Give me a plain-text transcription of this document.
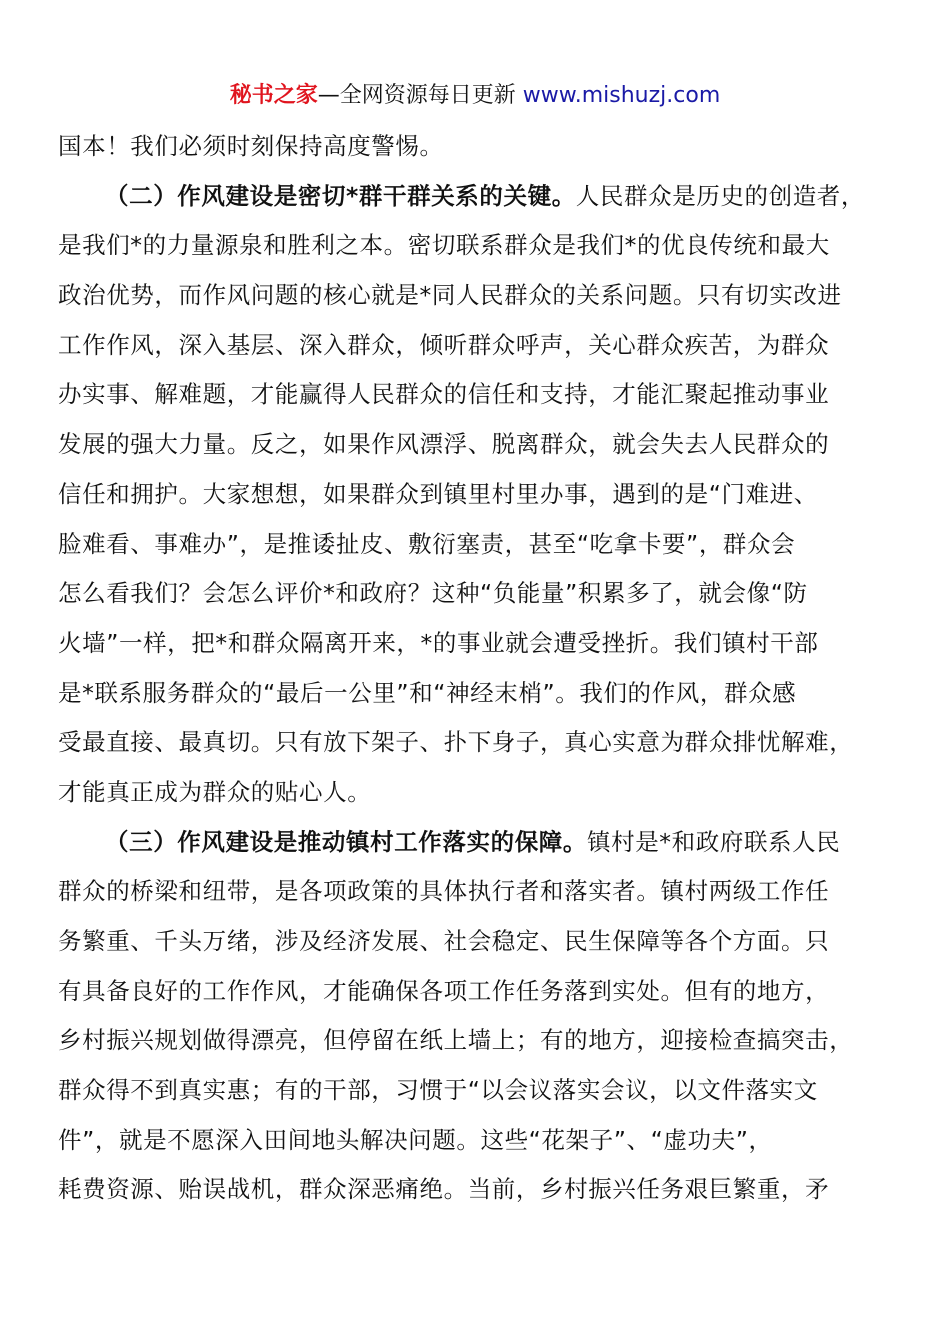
秘书之家—全网资源每日更新 www.mishuzj.com
国本！我们必须时刻保持高度警惕。
（二）作风建设是密切*群干群关系的关键。人民群众是历史的创造者，
是我们*的力量源泉和胜利之本。密切联系群众是我们*的优良传统和最大
政治优势，而作风问题的核心就是*同人民群众的关系问题。只有切实改进
工作作风，深入基层、深入群众，倾听群众呼声，关心群众疾苦，为群众
办实事、解难题，才能赢得人民群众的信任和支持，才能汇聚起推动事业
发展的强大力量。反之，如果作风漂浮、脱离群众，就会失去人民群众的
信任和拥护。大家想想，如果群众到镇里村里办事，遇到的是“门难进、
脸难看、事难办”，是推诿扯皮、敷衍塞责，甚至“吃拿卡要”，群众会
怎么看我们？会怎么评价*和政府？这种“负能量”积累多了，就会像“防
火墙”一样，把*和群众隔离开来，*的事业就会遭受挫折。我们镇村干部
是*联系服务群众的“最后一公里”和“神经末梢”。我们的作风，群众感
受最直接、最真切。只有放下架子、扑下身子，真心实意为群众排忧解难，
才能真正成为群众的贴心人。
（三）作风建设是推动镇村工作落实的保障。镇村是*和政府联系人民
群众的桥梁和纽带，是各项政策的具体执行者和落实者。镇村两级工作任
务繁重、千头万绪，涉及经济发展、社会稳定、民生保障等各个方面。只
有具备良好的工作作风，才能确保各项工作任务落到实处。但有的地方，
乡村振兴规划做得漂亮，但停留在纸上墙上；有的地方，迎接检查搞突击，
群众得不到真实惠；有的干部，习惯于“以会议落实会议，以文件落实文
件”，就是不愿深入田间地头解决问题。这些“花架子”、“虚功夫”，
耗费资源、贻误战机，群众深恶痛绝。当前，乡村振兴任务艰巨繁重，矛
